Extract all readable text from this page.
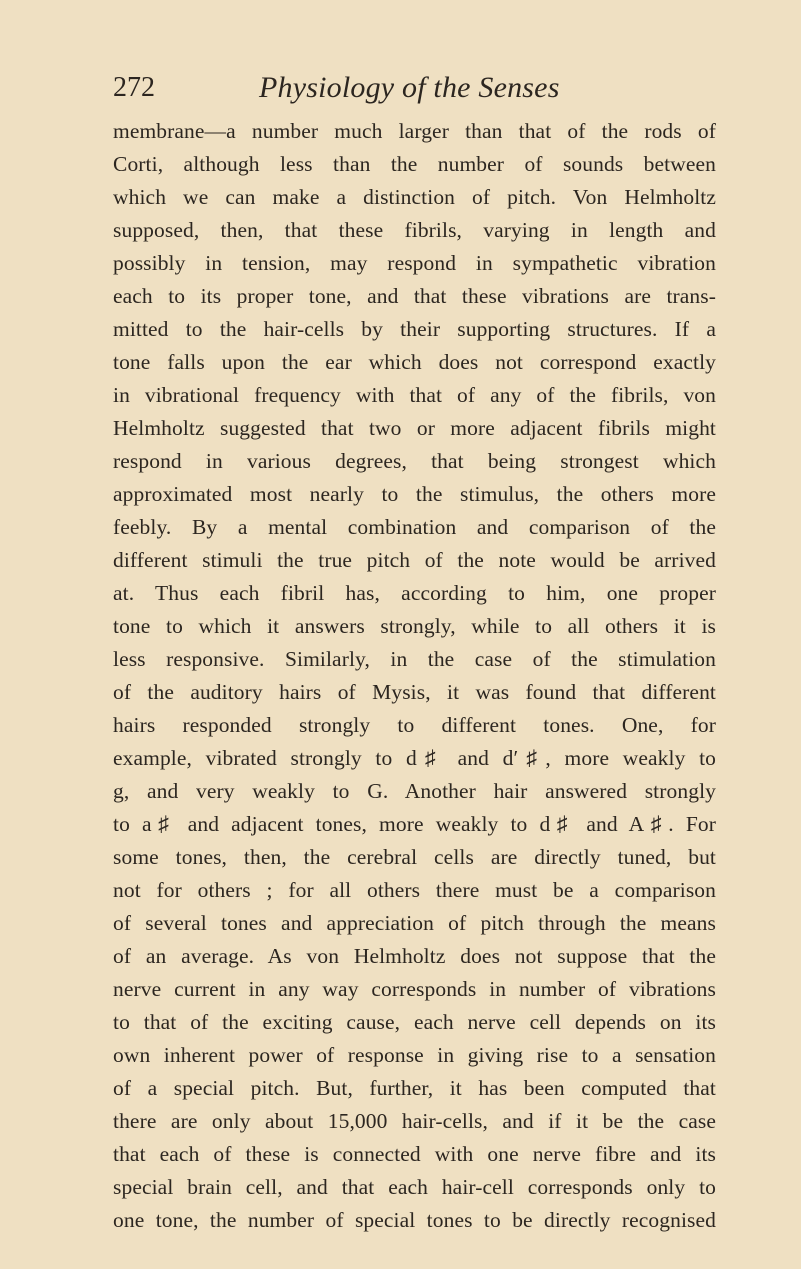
272	Physiology of the Senses
membrane—a number much larger than that of the rods of
Corti, although less than the number of sounds between
which we can make a distinction of pitch. Von Helmholtz
supposed, then, that these fibrils, varying in length and
possibly in tension, may respond in sympathetic vibration
each to its proper tone, and that these vibrations are trans-
mitted to the hair-cells by their supporting structures. If a
tone falls upon the ear which does not correspond exactly
in vibrational frequency with that of any of the fibrils, von
Helmholtz suggested that two or more adjacent fibrils might
respond in various degrees, that being strongest which
approximated most nearly to the stimulus, the others more
feebly. By a mental combination and comparison of the
different stimuli the true pitch of the note would be arrived
at. Thus each fibril has, according to him, one proper
tone to which it answers strongly, while to all others it is
less responsive. Similarly, in the case of the stimulation
of the auditory hairs of Mysis, it was found that different
hairs responded strongly to different tones. One, for
example, vibrated strongly to d♯ and d′♯, more weakly to
g, and very weakly to G. Another hair answered strongly
to a♯ and adjacent tones, more weakly to d♯ and A♯. For
some tones, then, the cerebral cells are directly tuned, but
not for others ; for all others there must be a comparison
of several tones and appreciation of pitch through the means
of an average. As von Helmholtz does not suppose that the
nerve current in any way corresponds in number of vibrations
to that of the exciting cause, each nerve cell depends on its
own inherent power of response in giving rise to a sensation
of a special pitch. But, further, it has been computed that
there are only about 15,000 hair-cells, and if it be the case
that each of these is connected with one nerve fibre and its
special brain cell, and that each hair-cell corresponds only to
one tone, the number of special tones to be directly recognised
